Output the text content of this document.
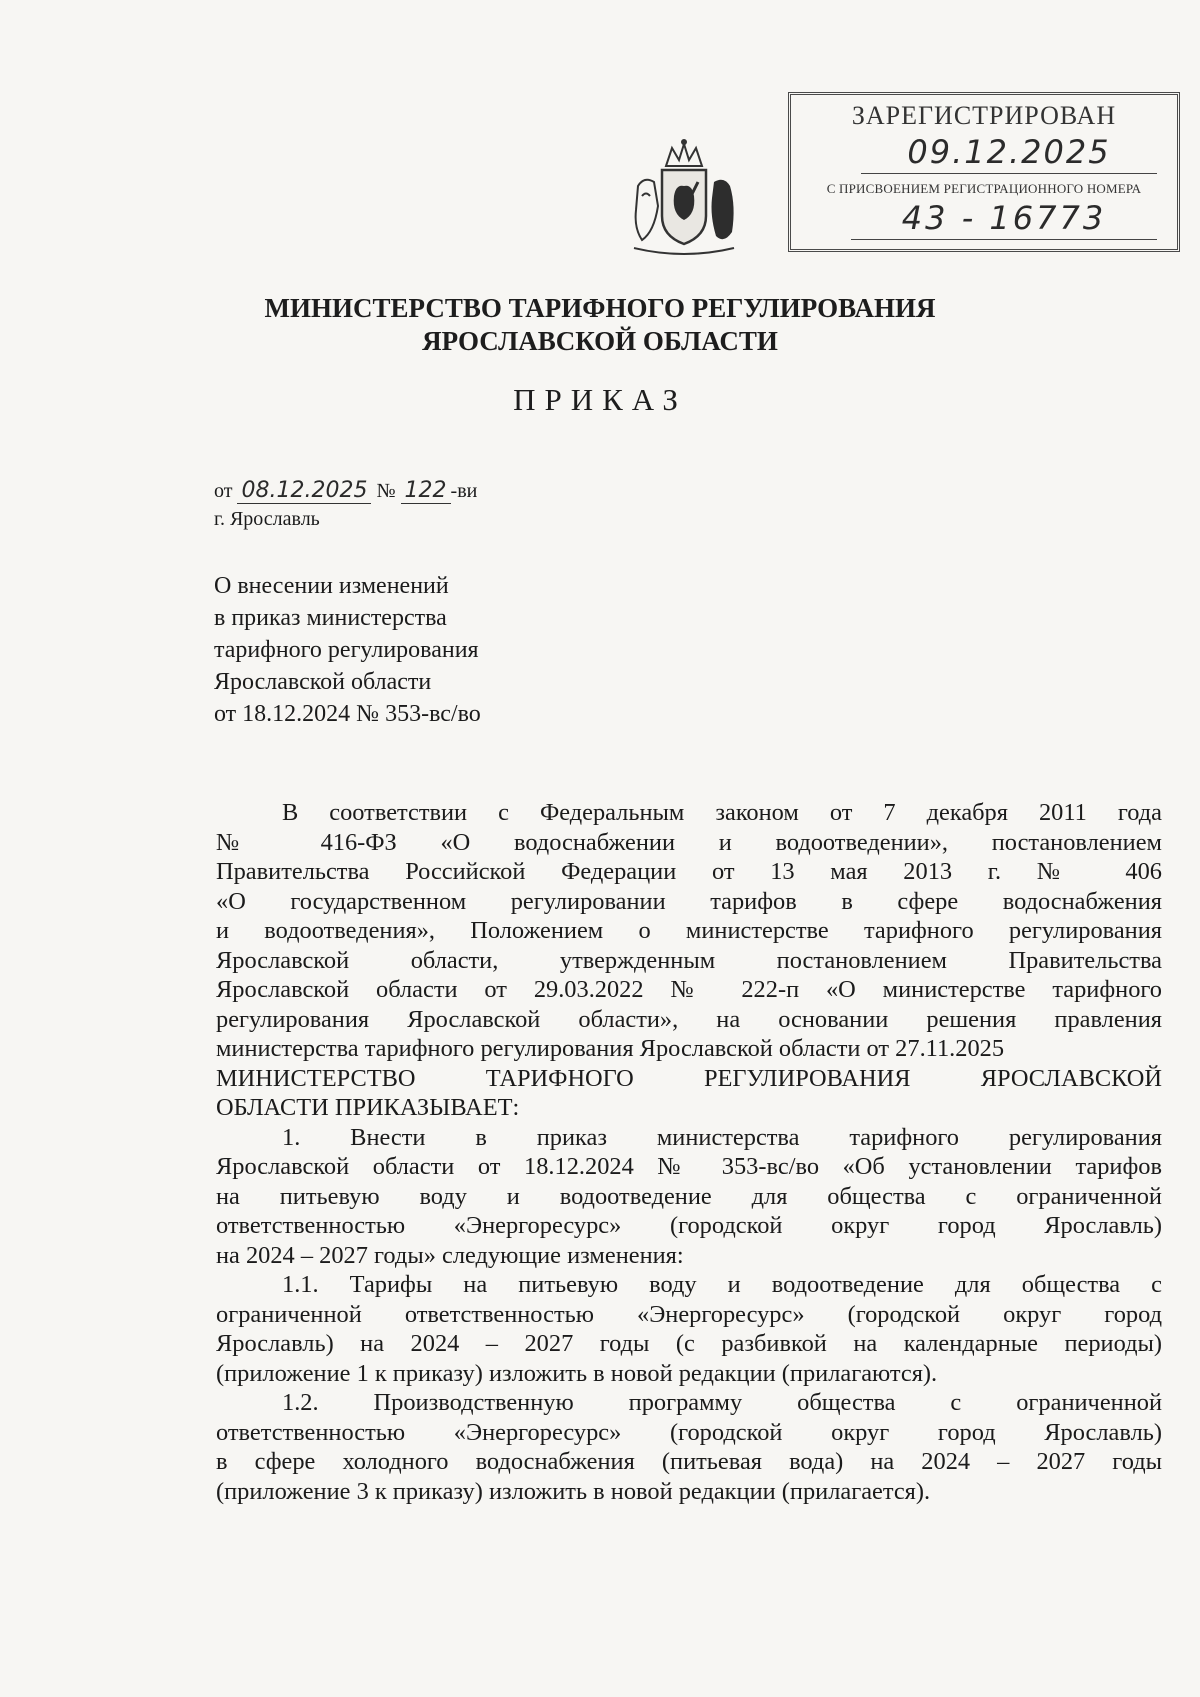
ЗАРЕГИСТРИРОВАН
09.12.2025
С ПРИСВОЕНИЕМ РЕГИСТРАЦИОННОГО НОМЕРА
43 - 16773
МИНИСТЕРСТВО ТАРИФНОГО РЕГУЛИРОВАНИЯ
ЯРОСЛАВСКОЙ ОБЛАСТИ
ПРИКАЗ
от 08.12.2025 № 122 -ви
г. Ярославль
О внесении изменений
в приказ министерства
тарифного регулирования
Ярославской области
от 18.12.2024 № 353-вс/во

В соответствии с Федеральным законом от 7 декабря 2011 года
№ 416-ФЗ «О водоснабжении и водоотведении», постановлением
Правительства Российской Федерации от 13 мая 2013 г. № 406
«О государственном регулировании тарифов в сфере водоснабжения
и водоотведения», Положением о министерстве тарифного регулирования
Ярославской области, утвержденным постановлением Правительства
Ярославской области от 29.03.2022 № 222-п «О министерстве тарифного
регулирования Ярославской области», на основании решения правления
министерства тарифного регулирования Ярославской области от 27.11.2025
МИНИСТЕРСТВО ТАРИФНОГО РЕГУЛИРОВАНИЯ ЯРОСЛАВСКОЙ
ОБЛАСТИ ПРИКАЗЫВАЕТ:

1. Внести в приказ министерства тарифного регулирования
Ярославской области от 18.12.2024 № 353-вс/во «Об установлении тарифов
на питьевую воду и водоотведение для общества с ограниченной
ответственностью «Энергоресурс» (городской округ город Ярославль)
на 2024 – 2027 годы» следующие изменения:

1.1. Тарифы на питьевую воду и водоотведение для общества с
ограниченной ответственностью «Энергоресурс» (городской округ город
Ярославль) на 2024 – 2027 годы (с разбивкой на календарные периоды)
(приложение 1 к приказу) изложить в новой редакции (прилагаются).

1.2. Производственную программу общества с ограниченной
ответственностью «Энергоресурс» (городской округ город Ярославль)
в сфере холодного водоснабжения (питьевая вода) на 2024 – 2027 годы
(приложение 3 к приказу) изложить в новой редакции (прилагается).
